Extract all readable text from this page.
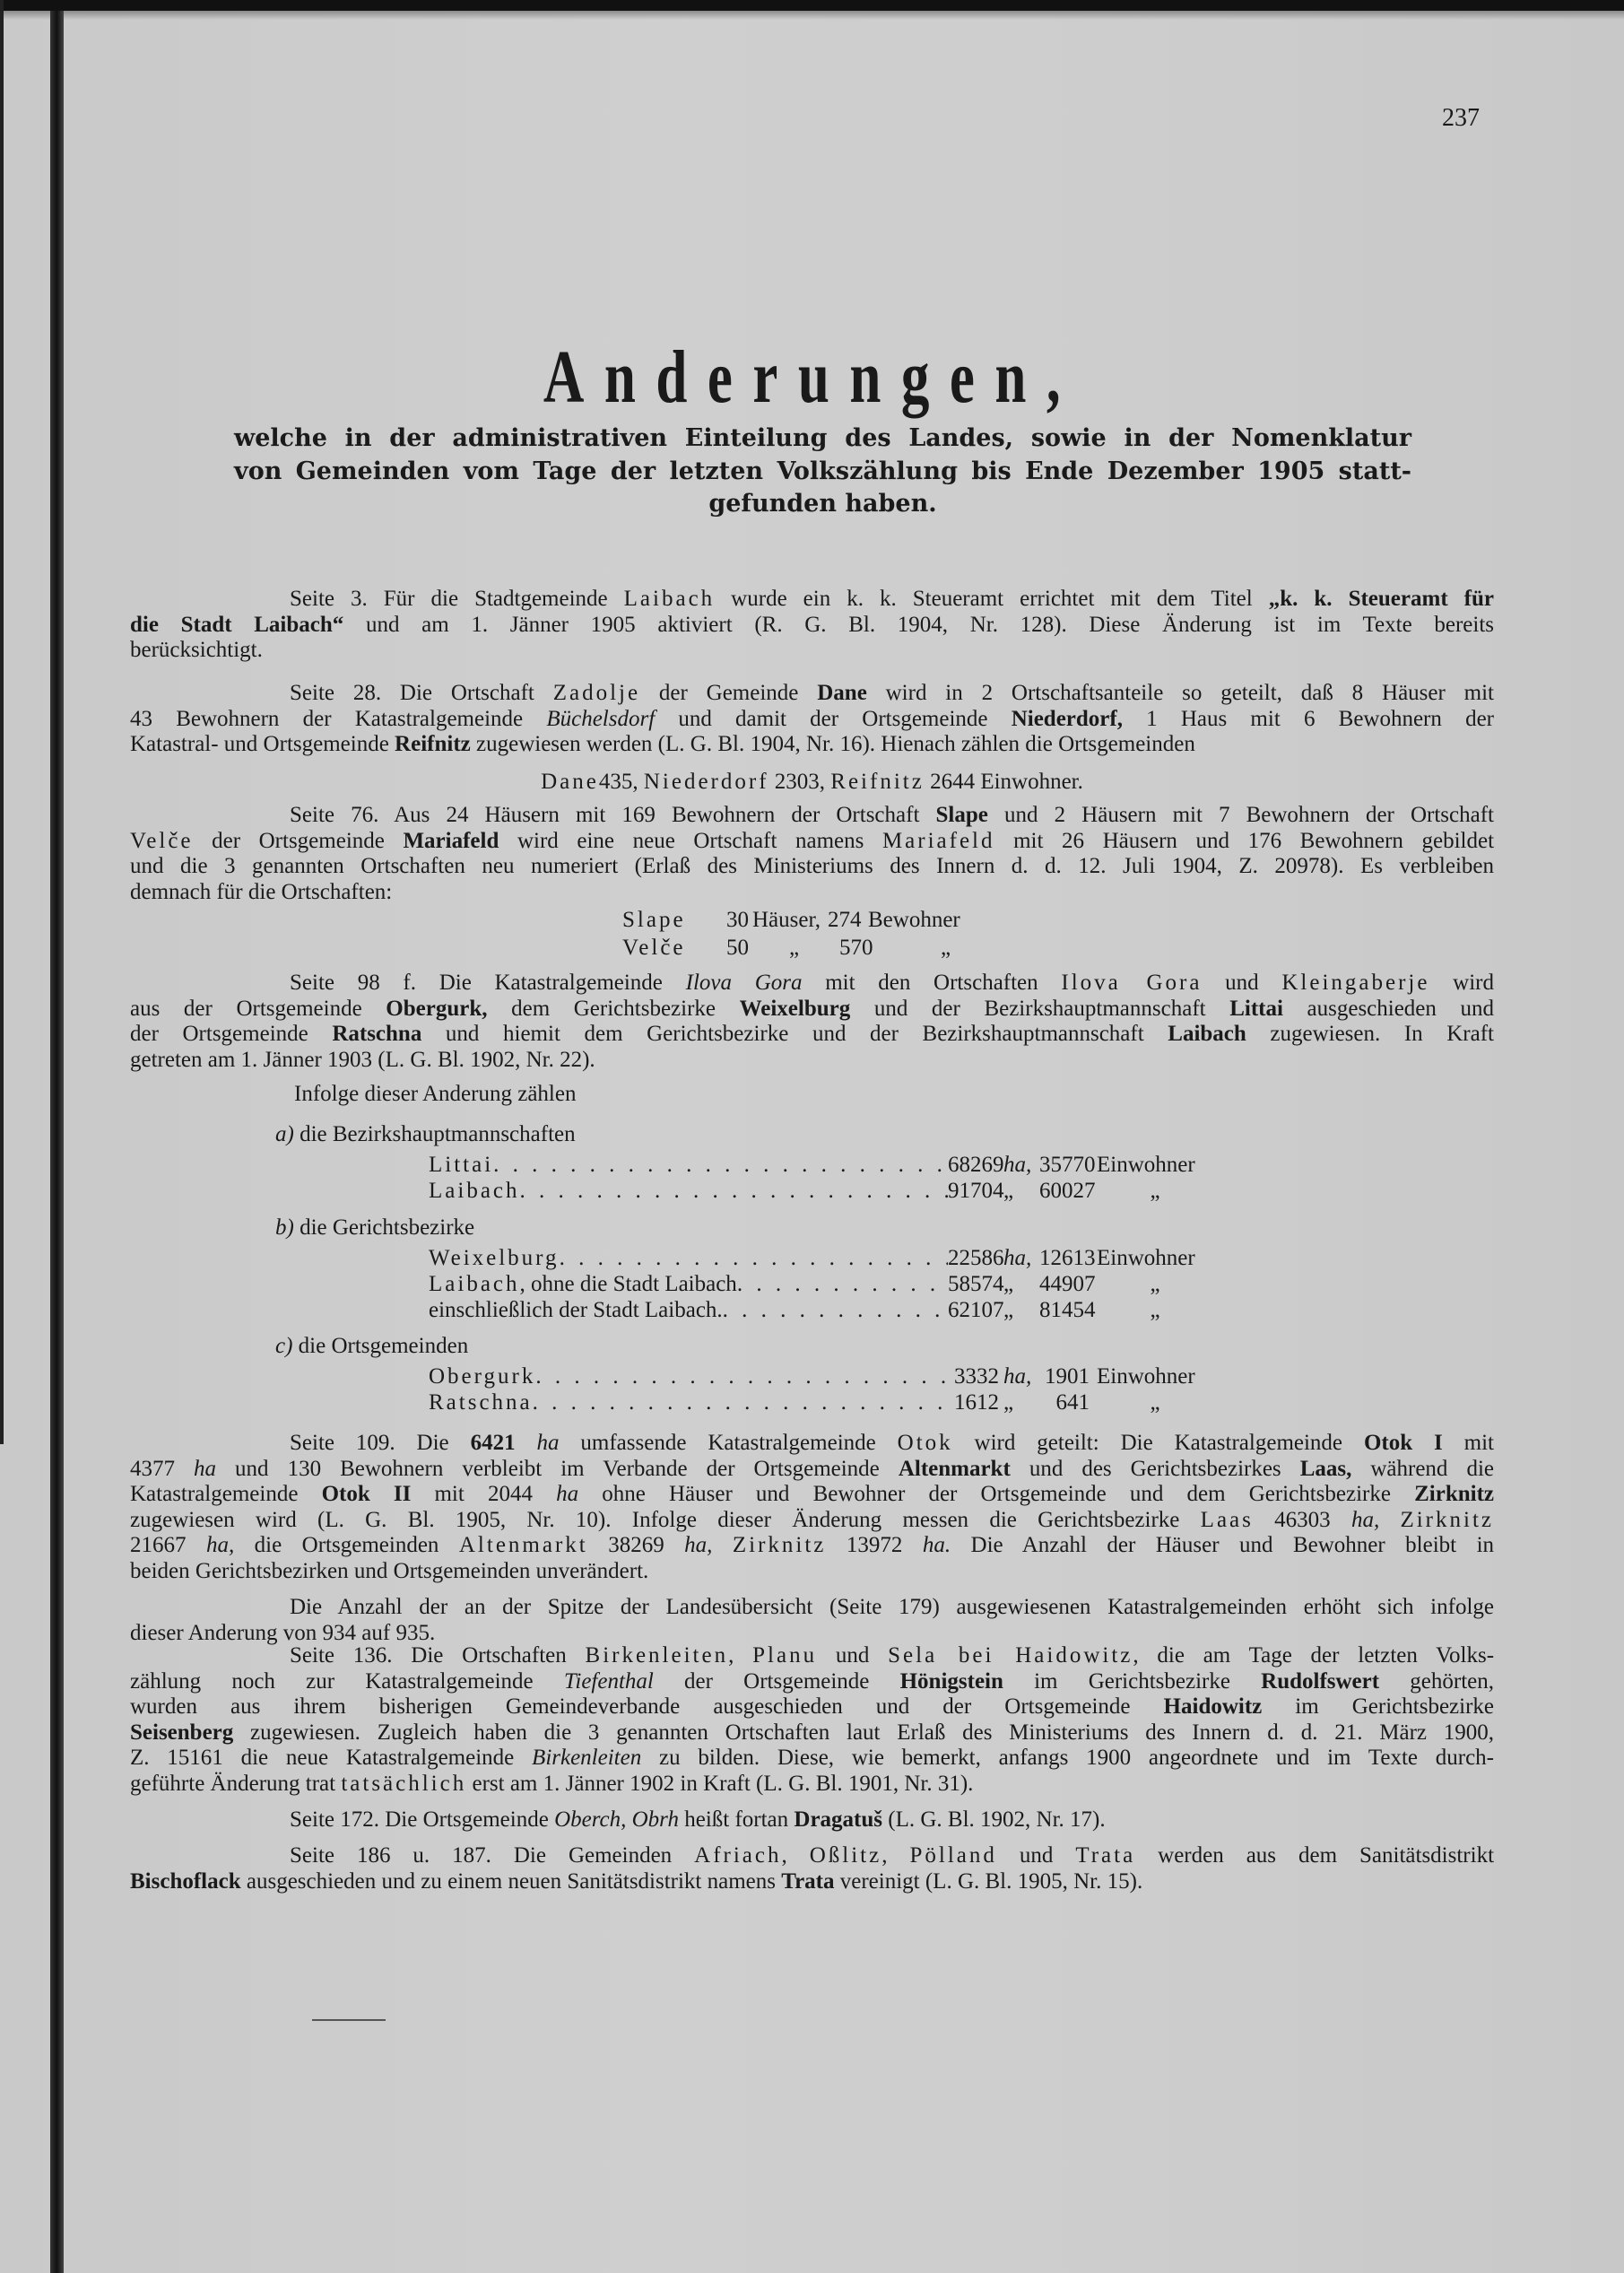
237
Anderungen,
welche in der administrativen Einteilung des Landes, sowie in der Nomenklatur
von Gemeinden vom Tage der letzten Volkszählung bis Ende Dezember 1905 statt-
gefunden haben.
Seite 3. Für die Stadtgemeinde Laibach wurde ein k. k. Steueramt errichtet mit dem Titel „k. k. Steueramt für
die Stadt Laibach“ und am 1. Jänner 1905 aktiviert (R. G. Bl. 1904, Nr. 128). Diese Änderung ist im Texte bereits
berücksichtigt.
Seite 28. Die Ortschaft Zadolje der Gemeinde Dane wird in 2 Ortschaftsanteile so geteilt, daß 8 Häuser mit
43 Bewohnern der Katastralgemeinde Büchelsdorf und damit der Ortsgemeinde Niederdorf, 1 Haus mit 6 Bewohnern der
Katastral- und Ortsgemeinde Reifnitz zugewiesen werden (L. G. Bl. 1904, Nr. 16). Hienach zählen die Ortsgemeinden
Dane435, Niederdorf 2303, Reifnitz 2644 Einwohner.
Seite 76. Aus 24 Häusern mit 169 Bewohnern der Ortschaft Slape und 2 Häusern mit 7 Bewohnern der Ortschaft
Velče der Ortsgemeinde Mariafeld wird eine neue Ortschaft namens Mariafeld mit 26 Häusern und 176 Bewohnern gebildet
und die 3 genannten Ortschaften neu numeriert (Erlaß des Ministeriums des Innern d. d. 12. Juli 1904, Z. 20978). Es verbleiben
demnach für die Ortschaften:
Slape 30 Häuser, 274 Bewohner
Velče 50 „ 570	„
Seite 98 f. Die Katastralgemeinde Ilova Gora mit den Ortschaften Ilova Gora und Kleingaberje wird
aus der Ortsgemeinde Obergurk, dem Gerichtsbezirke Weixelburg und der Bezirkshauptmannschaft Littai ausgeschieden und
der Ortsgemeinde Ratschna und hiemit dem Gerichtsbezirke und der Bezirkshauptmannschaft Laibach zugewiesen. In Kraft
getreten am 1. Jänner 1903 (L. G. Bl. 1902, Nr. 22).
Infolge dieser Anderung zählen
a) die Bezirkshauptmannschaften
Littai . . .	68269 ha, 35770 Einwohner
Laibach . . .	91704 „	60027	„
b) die Gerichtsbezirke
Weixelburg . . .	22586 ha, 12613 Einwohner
Laibach , ohne die Stadt Laibach . . .	58574 „	44907	„
einschließlich der Stadt Laibach. . . .	62107 „	81454	„
c) die Ortsgemeinden
Obergurk . . .	3332 ha, 1901 Einwohner
Ratschna . . .	1612 „	641	„
Seite 109. Die 6421 ha umfassende Katastralgemeinde Otok wird geteilt: Die Katastralgemeinde Otok I mit
4377 ha und 130 Bewohnern verbleibt im Verbande der Ortsgemeinde Altenmarkt und des Gerichtsbezirkes Laas, während die
Katastralgemeinde Otok II mit 2044 ha ohne Häuser und Bewohner der Ortsgemeinde und dem Gerichtsbezirke Zirknitz
zugewiesen wird (L. G. Bl. 1905, Nr. 10). Infolge dieser Änderung messen die Gerichtsbezirke Laas 46303 ha, Zirknitz
21667 ha, die Ortsgemeinden Altenmarkt 38269 ha, Zirknitz 13972 ha. Die Anzahl der Häuser und Bewohner bleibt in
beiden Gerichtsbezirken und Ortsgemeinden unverändert.
Die Anzahl der an der Spitze der Landesübersicht (Seite 179) ausgewiesenen Katastralgemeinden erhöht sich infolge
dieser Anderung von 934 auf 935.
Seite 136. Die Ortschaften Birkenleiten, Planu und Sela bei Haidowitz, die am Tage der letzten Volks-
zählung noch zur Katastralgemeinde Tiefenthal der Ortsgemeinde Hönigstein im Gerichtsbezirke Rudolfswert gehörten,
wurden aus ihrem bisherigen Gemeindeverbande ausgeschieden und der Ortsgemeinde Haidowitz im Gerichtsbezirke
Seisenberg zugewiesen. Zugleich haben die 3 genannten Ortschaften laut Erlaß des Ministeriums des Innern d. d. 21. März 1900,
Z. 15161 die neue Katastralgemeinde Birkenleiten zu bilden. Diese, wie bemerkt, anfangs 1900 angeordnete und im Texte durch-
geführte Änderung trat tatsächlich erst am 1. Jänner 1902 in Kraft (L. G. Bl. 1901, Nr. 31).
Seite 172. Die Ortsgemeinde Oberch, Obrh heißt fortan Dragatuš (L. G. Bl. 1902, Nr. 17).
Seite 186 u. 187. Die Gemeinden Afriach, Oßlitz, Pölland und Trata werden aus dem Sanitätsdistrikt
Bischoflack ausgeschieden und zu einem neuen Sanitätsdistrikt namens Trata vereinigt (L. G. Bl. 1905, Nr. 15).
